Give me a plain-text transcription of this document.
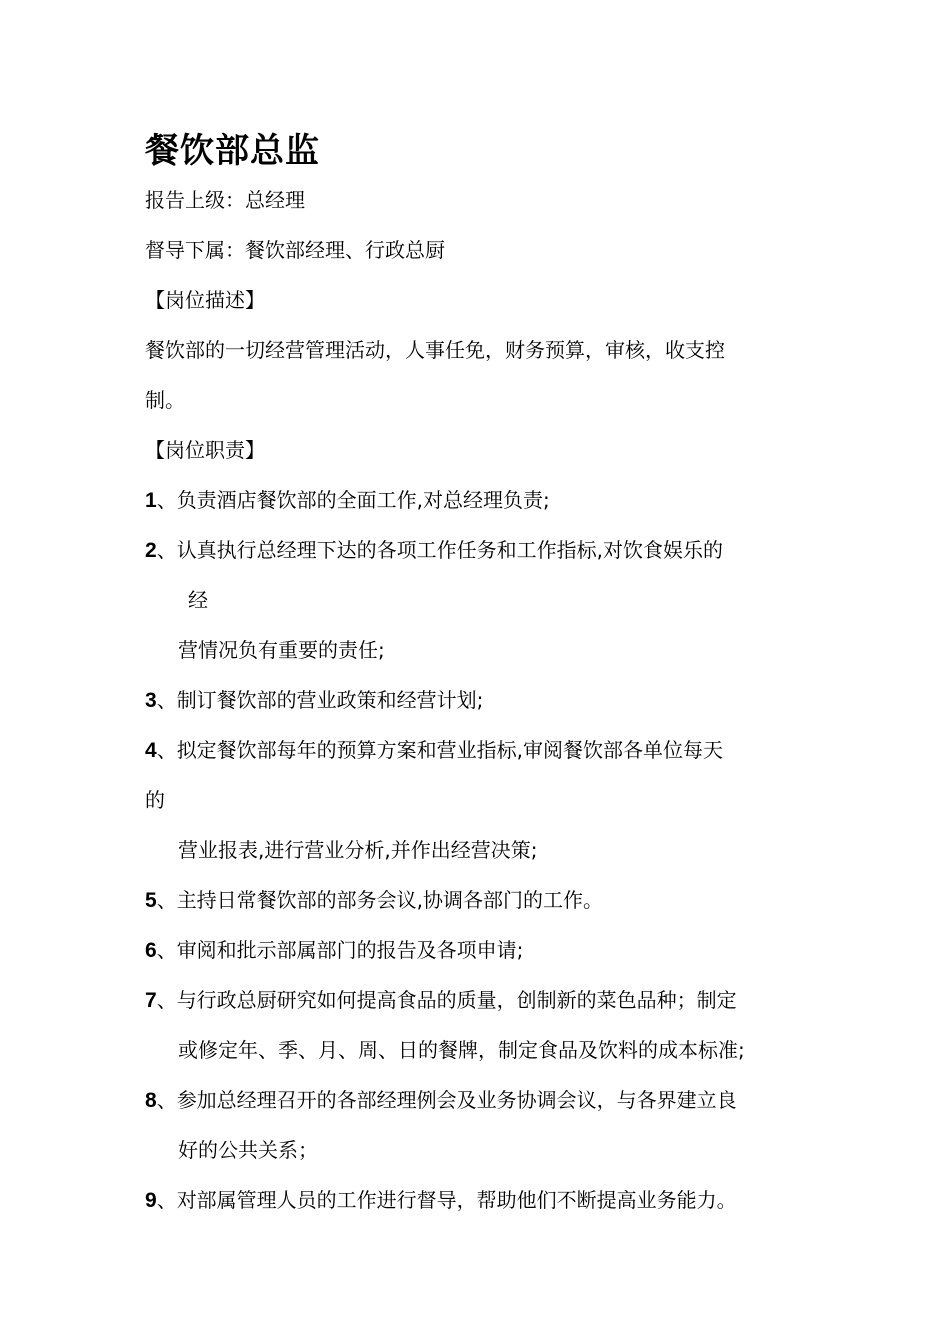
餐饮部总监
报告上级：总经理
督导下属：餐饮部经理、行政总厨
【岗位描述】
餐饮部的一切经营管理活动，人事任免，财务预算，审核，收支控
制。
【岗位职责】
1、负责酒店餐饮部的全面工作,对总经理负责;
2、认真执行总经理下达的各项工作任务和工作指标,对饮食娱乐的
经
营情况负有重要的责任;
3、制订餐饮部的营业政策和经营计划;
4、拟定餐饮部每年的预算方案和营业指标,审阅餐饮部各单位每天
的
营业报表,进行营业分析,并作出经营决策;
5、主持日常餐饮部的部务会议,协调各部门的工作。
6、审阅和批示部属部门的报告及各项申请;
7、与行政总厨研究如何提高食品的质量，创制新的菜色品种；制定
或修定年、季、月、周、日的餐牌，制定食品及饮料的成本标准;
8、参加总经理召开的各部经理例会及业务协调会议，与各界建立良
好的公共关系；
9、对部属管理人员的工作进行督导，帮助他们不断提高业务能力。
